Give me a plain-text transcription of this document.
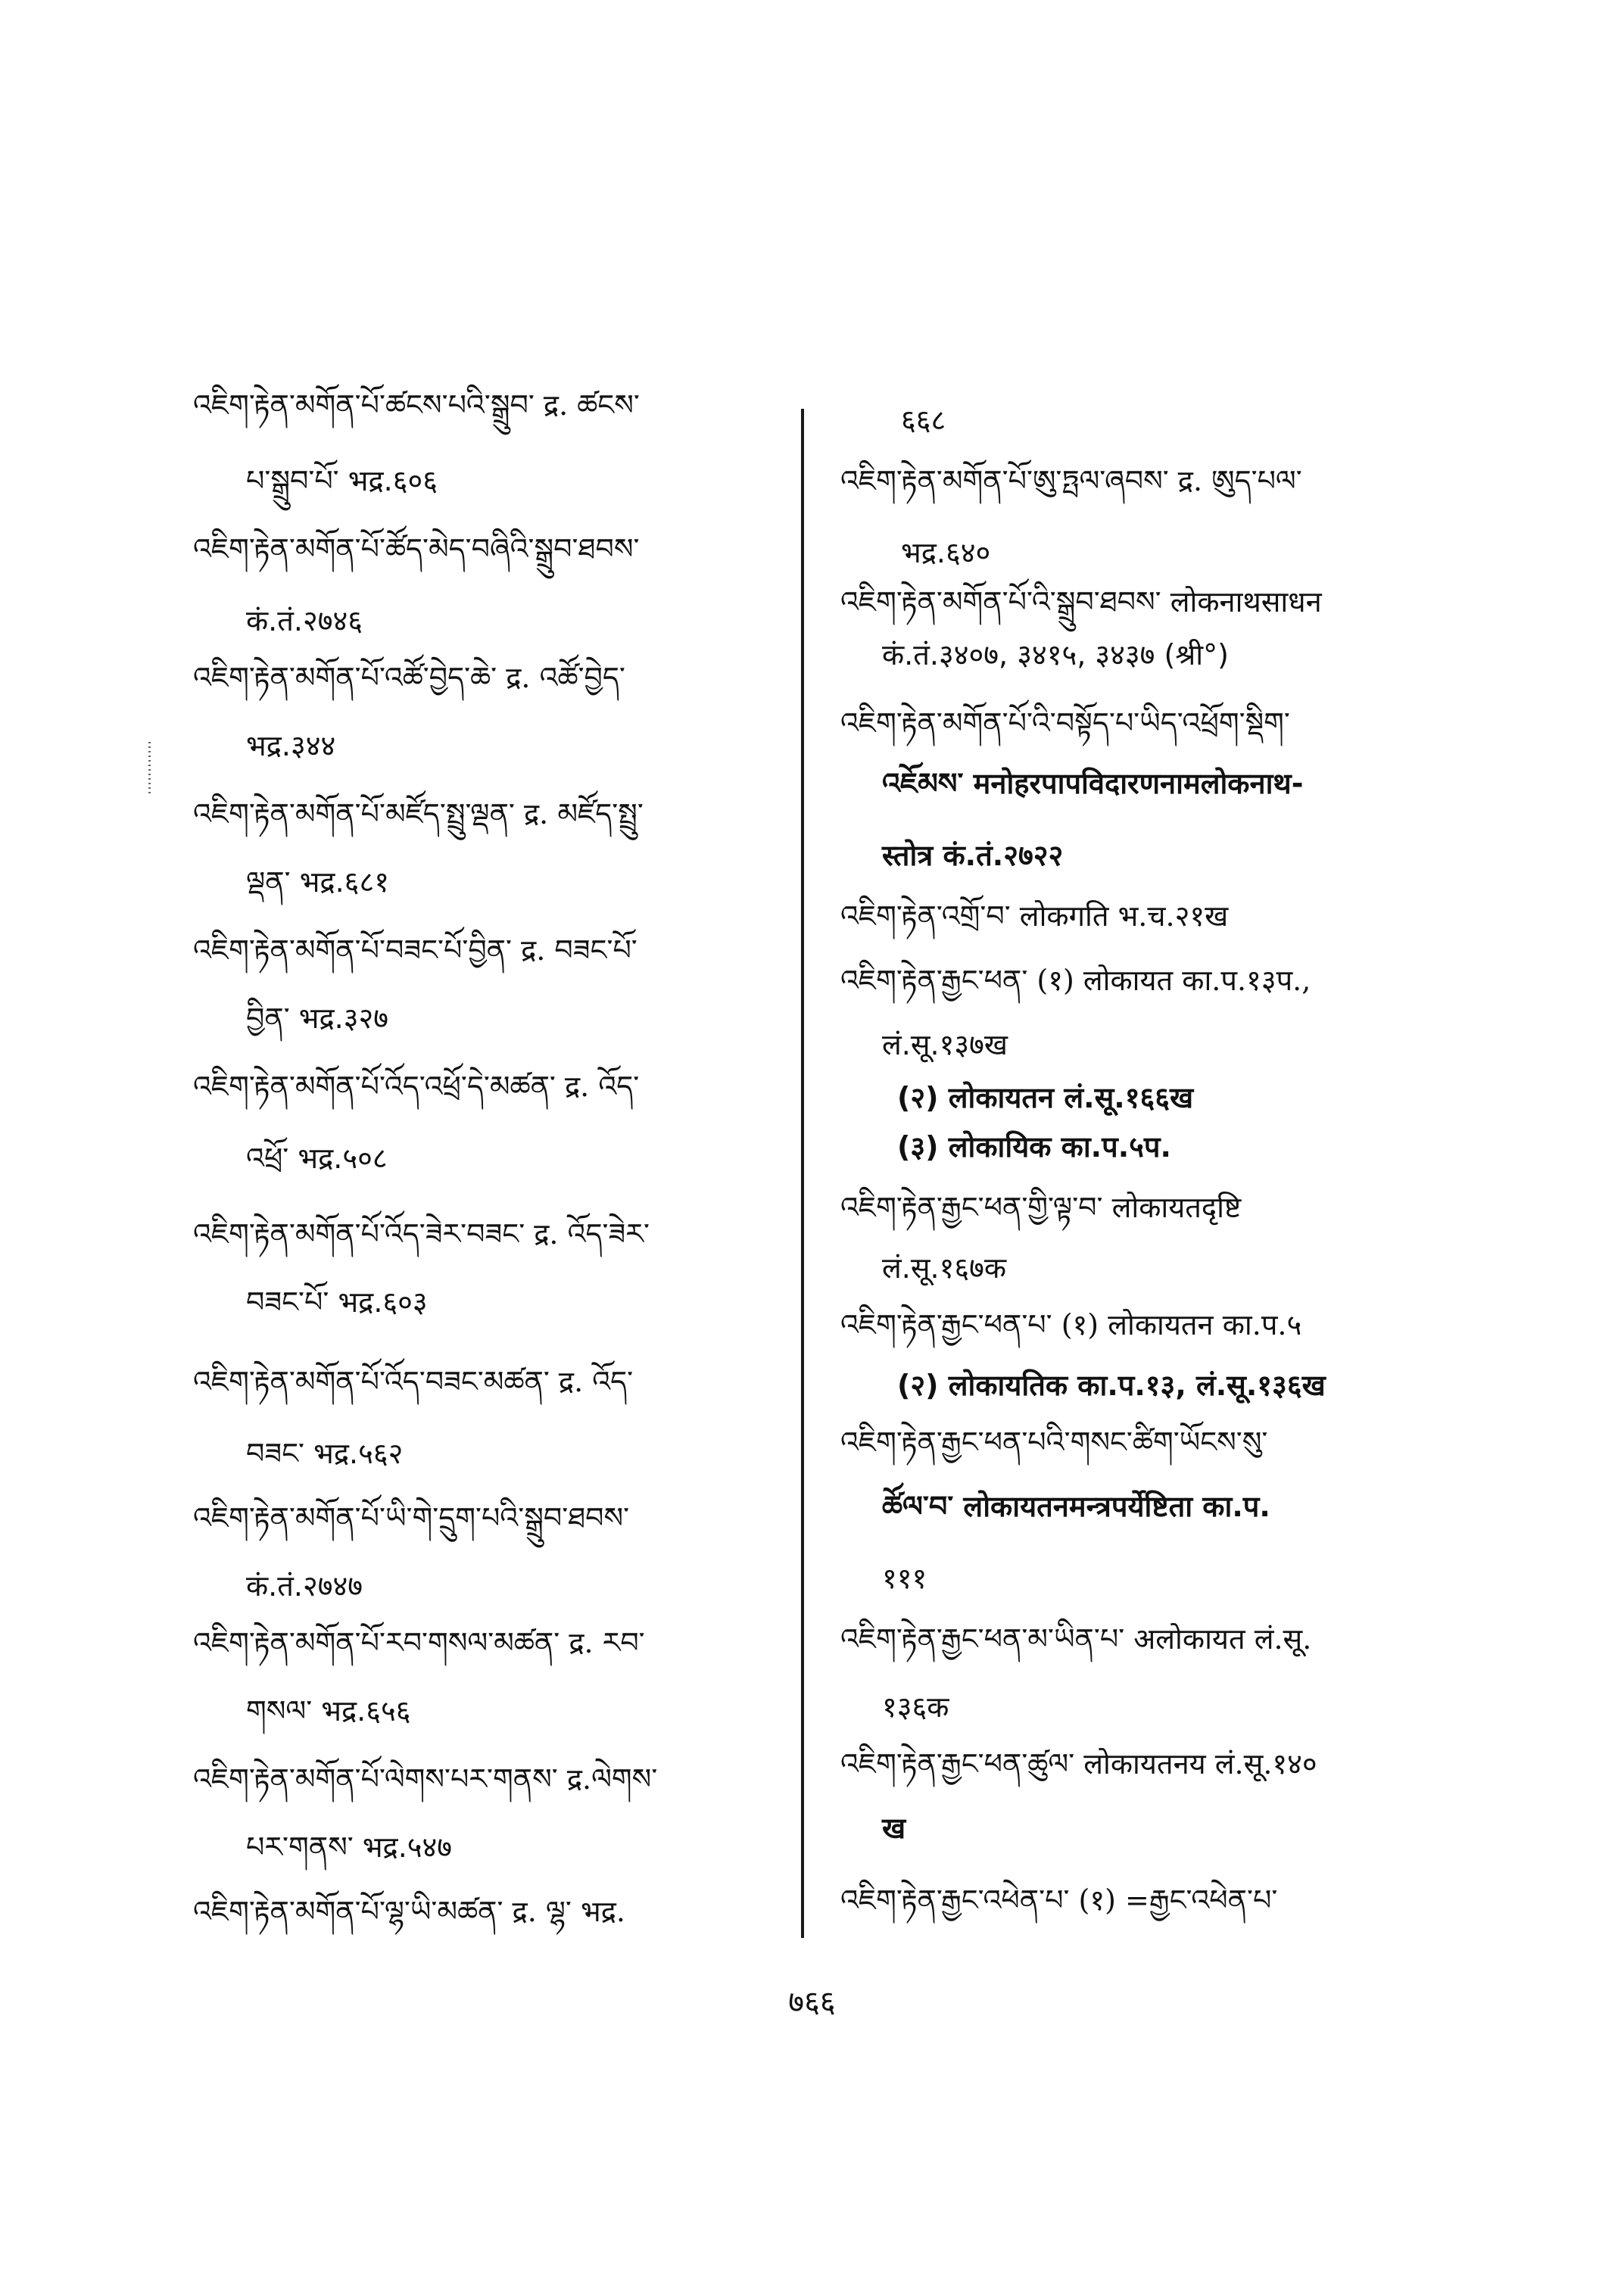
འཇིག་རྟེན་མགོན་པོ་ཚངས་པའི་སྒྲུབ་ द्र. ཚངས་
པ་སྒྲུབ་པོ་ भद्र.६०६
འཇིག་རྟེན་མགོན་པོ་ཚོད་མེད་བཞིའི་སྒྲུབ་ཐབས་
कं.तं.२७४६
འཇིག་རྟེན་མགོན་པོ་འཚོ་བྱེད་ཆེ་ द्र. འཚོ་བྱེད་
भद्र.३४४
འཇིག་རྟེན་མགོན་པོ་མཛོད་སྤྲུ་ལྡན་ द्र. མཛོད་སྤྲུ་
ལྡན་ भद्र.६८१
འཇིག་རྟེན་མགོན་པོ་བཟང་པོ་བྱིན་ द्र. བཟང་པོ་
བྱིན་ भद्र.३२७
འཇིག་རྟེན་མགོན་པོ་འོད་འཕྲོ་དེ་མཚན་ द्र. འོད་
འཕྲོ་ भद्र.५०८
འཇིག་རྟེན་མགོན་པོ་འོད་ཟེར་བཟང་ द्र. འོད་ཟེར་
བཟང་པོ་ भद्र.६०३
འཇིག་རྟེན་མགོན་པོ་འོད་བཟང་མཚན་ द्र. འོད་
བཟང་ भद्र.५६२
འཇིག་རྟེན་མགོན་པོ་ཡི་གེ་དྲུག་པའི་སྒྲུབ་ཐབས་
कं.तं.२७४७
འཇིག་རྟེན་མགོན་པོ་རབ་གསལ་མཚན་ द्र. རབ་
གསལ་ भद्र.६५६
འཇིག་རྟེན་མགོན་པོ་ལེགས་པར་གནས་ द्र.ལེགས་
པར་གནས་ भद्र.५४७
འཇིག་རྟེན་མགོན་པོ་ལྷ་ཡི་མཚན་ द्र. ལྷ་ भद्र.
६६८
འཇིག་རྟེན་མགོན་པོ་ཨུ་ཏྤལ་ཞབས་ द्र. ཨུད་པལ་
भद्र.६४०
འཇིག་རྟེན་མགོན་པོ་འི་སྒྲུབ་ཐབས་ लोकनाथसाधन
कं.तं.३४०७, ३४१५, ३४३७ (श्री°)
འཇིག་རྟེན་མགོན་པོ་འི་བསྟོད་པ་ཡིད་འཕྲོག་སྡིག་
འཇོམས་ मनोहरपापविदारणनामलोकनाथ-
स्तोत्र कं.तं.२७२२
འཇིག་རྟེན་འགྲོ་བ་ लोकगति भ.च.२१ख
འཇིག་རྟེན་རྒྱང་ཕན་ (१) लोकायत का.प.१३प.,
लं.सू.१३७ख
(२) लोकायतन लं.सू.१६६ख
(३) लोकायिक का.प.५प.
འཇིག་རྟེན་རྒྱང་ཕན་གྱི་ལྟ་བ་ लोकायतदृष्टि
लं.सू.१६७क
འཇིག་རྟེན་རྒྱང་ཕན་པ་ (१) लोकायतन का.प.५
(२) लोकायतिक का.प.१३, लं.सू.१३६ख
འཇིག་རྟེན་རྒྱང་ཕན་པའི་གསང་ཚིག་ཡོངས་སུ་
ཚོལ་བ་ लोकायतनमन्त्रपर्येष्टिता का.प.
१११
འཇིག་རྟེན་རྒྱང་ཕན་མ་ཡིན་པ་ अलोकायत लं.सू.
१३६क
འཇིག་རྟེན་རྒྱང་ཕན་ཚུལ་ लोकायतनय लं.सू.१४०
ख
འཇིག་རྟེན་རྒྱང་འཕེན་པ་ (१) =རྒྱང་འཕེན་པ་
७६६
